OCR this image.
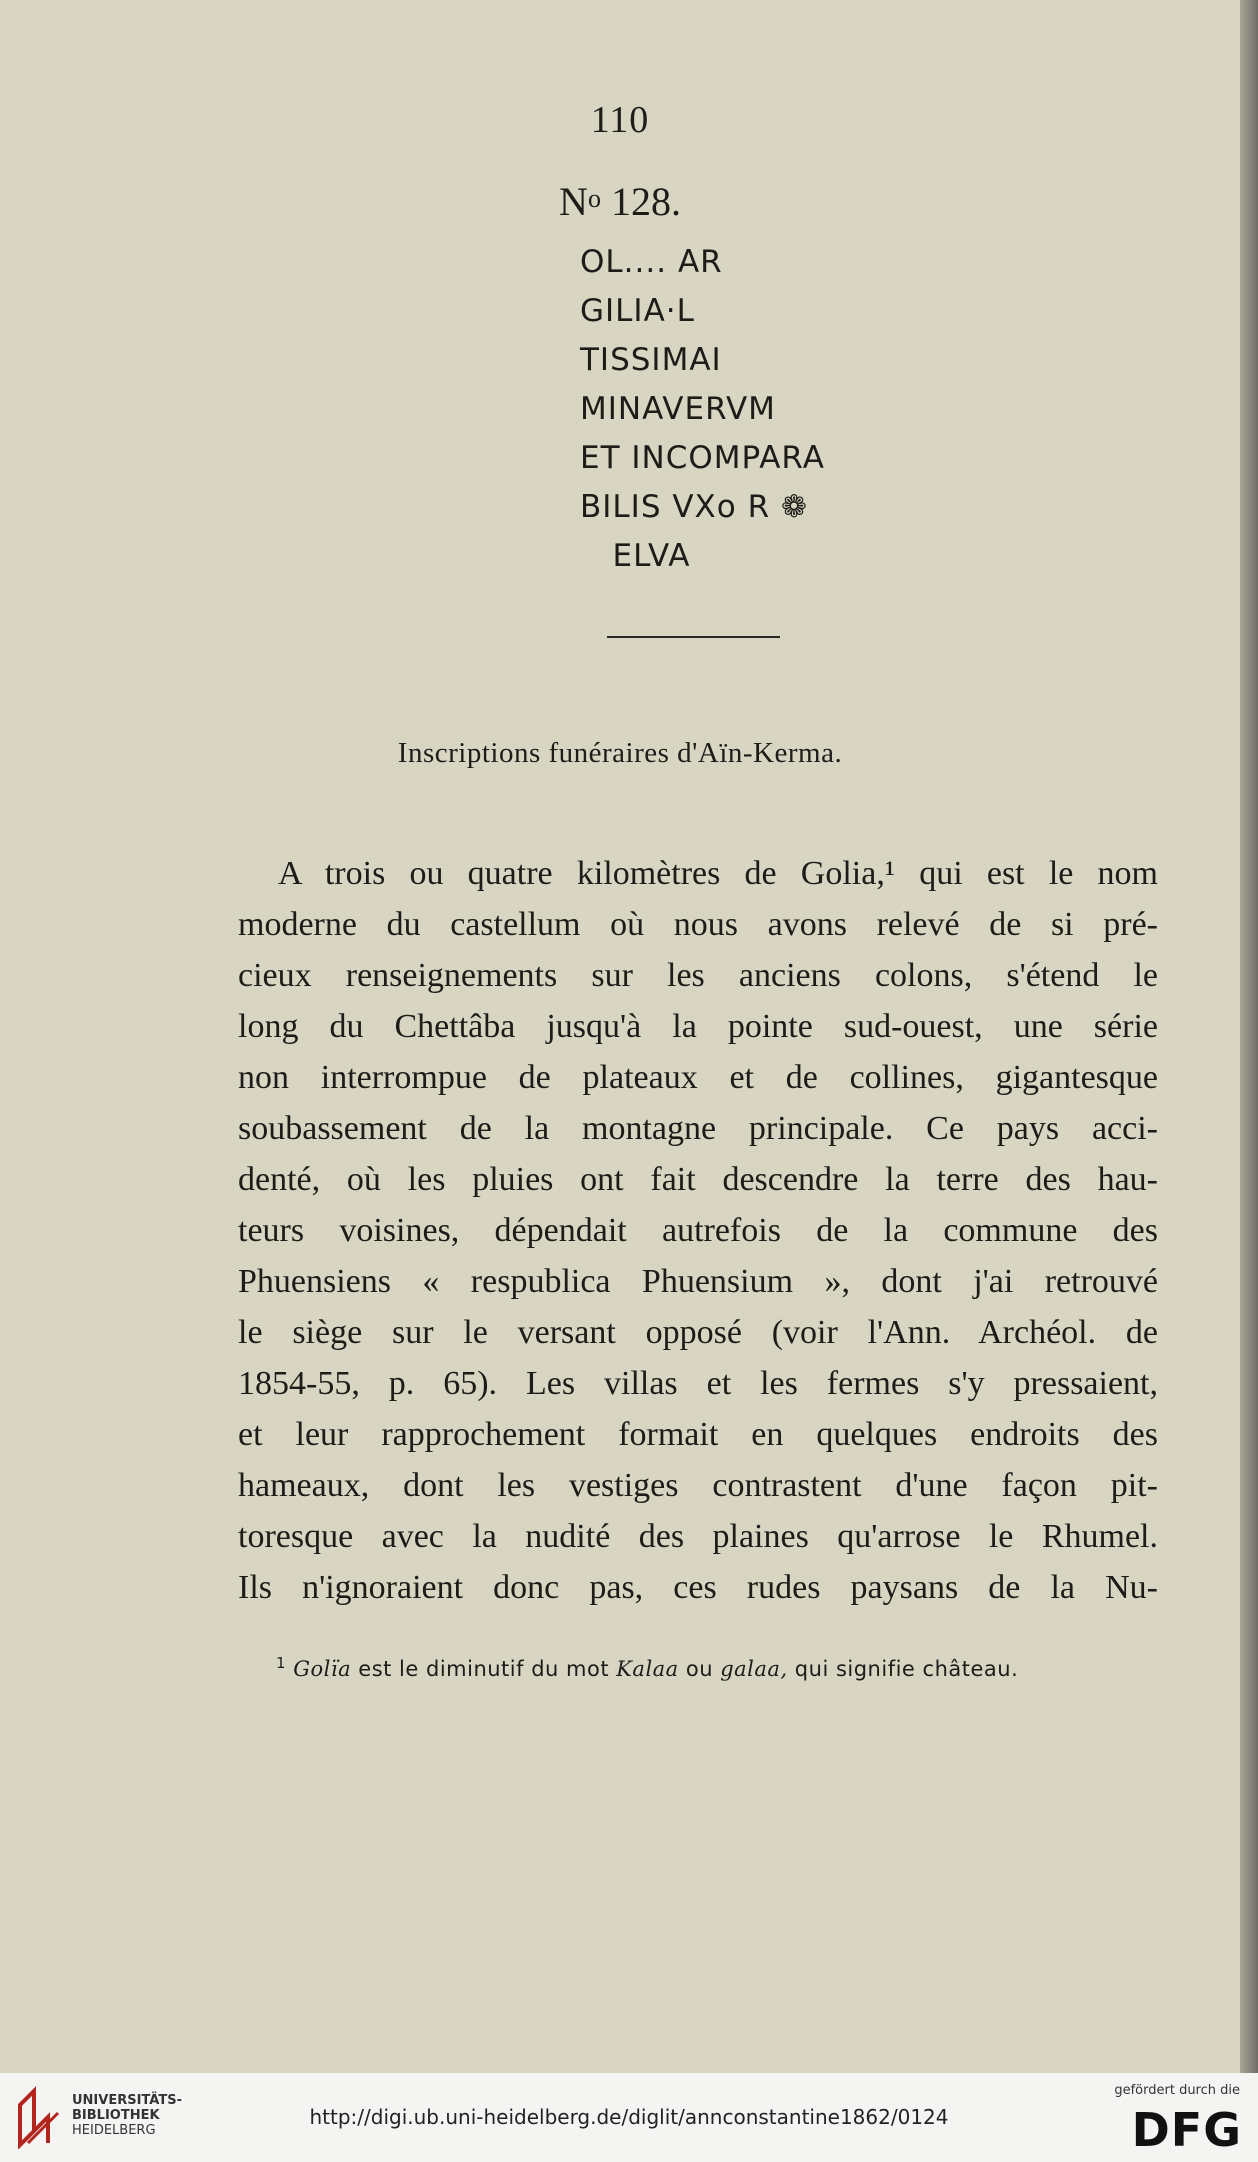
110
$N^o$ 128.
OL.... AR
GILIA·L
TISSIMAI
MINAVERVM
ET INCOMPARA
BILIS VXo R ❁
ELVA
Inscriptions funéraires d'Aïn-Kerma.
A trois ou quatre kilomètres de Golia,¹ qui est le nom
moderne du castellum où nous avons relevé de si pré-
cieux renseignements sur les anciens colons, s'étend le
long du Chettâba jusqu'à la pointe sud-ouest, une série
non interrompue de plateaux et de collines, gigantesque
soubassement de la montagne principale. Ce pays acci-
denté, où les pluies ont fait descendre la terre des hau-
teurs voisines, dépendait autrefois de la commune des
Phuensiens « respublica Phuensium », dont j'ai retrouvé
le siège sur le versant opposé (voir l'Ann. Archéol. de
1854-55, p. 65). Les villas et les fermes s'y pressaient,
et leur rapprochement formait en quelques endroits des
hameaux, dont les vestiges contrastent d'une façon pit-
toresque avec la nudité des plaines qu'arrose le Rhumel.
Ils n'ignoraient donc pas, ces rudes paysans de la Nu-
$^1$ Golïa est le diminutif du mot Kalaa ou galaa, qui signifie château.
UNIVERSITÄTS-
BIBLIOTHEK
HEIDELBERG
http://digi.ub.uni-heidelberg.de/diglit/annconstantine1862/0124
gefördert durch die
DFG
